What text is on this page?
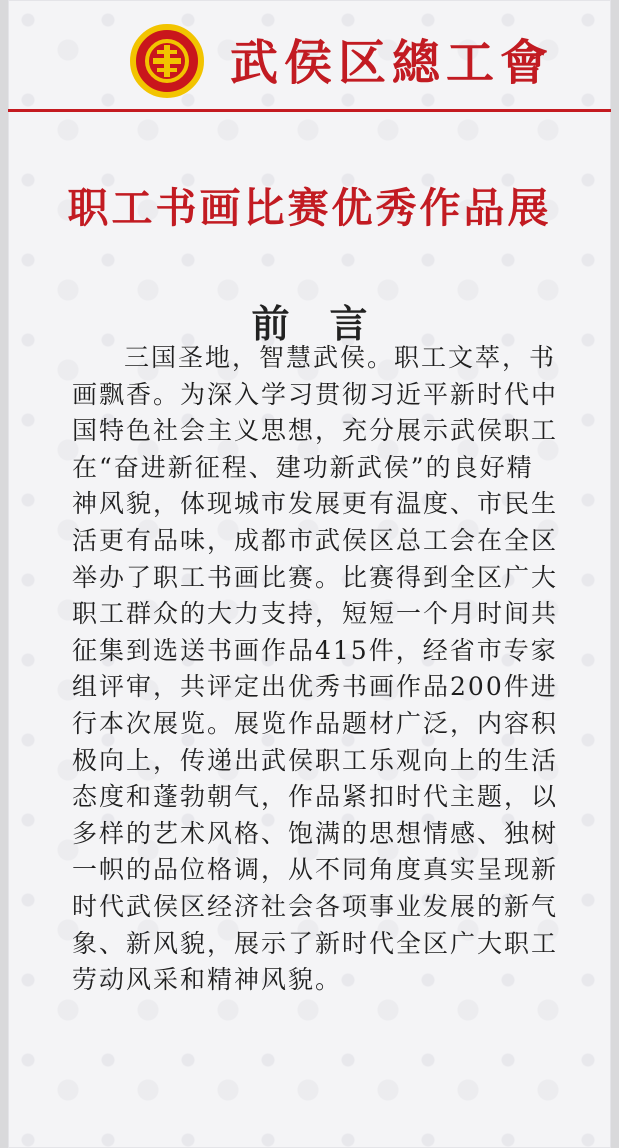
武侯区總工會
职工书画比赛优秀作品展
前言
三国圣地，智慧武侯。职工文萃，书
画飘香。为深入学习贯彻习近平新时代中
国特色社会主义思想，充分展示武侯职工
在“奋进新征程、建功新武侯”的良好精
神风貌，体现城市发展更有温度、市民生
活更有品味，成都市武侯区总工会在全区
举办了职工书画比赛。比赛得到全区广大
职工群众的大力支持，短短一个月时间共
征集到选送书画作品415件，经省市专家
组评审，共评定出优秀书画作品200件进
行本次展览。展览作品题材广泛，内容积
极向上，传递出武侯职工乐观向上的生活
态度和蓬勃朝气，作品紧扣时代主题，以
多样的艺术风格、饱满的思想情感、独树
一帜的品位格调，从不同角度真实呈现新
时代武侯区经济社会各项事业发展的新气
象、新风貌，展示了新时代全区广大职工
劳动风采和精神风貌。
